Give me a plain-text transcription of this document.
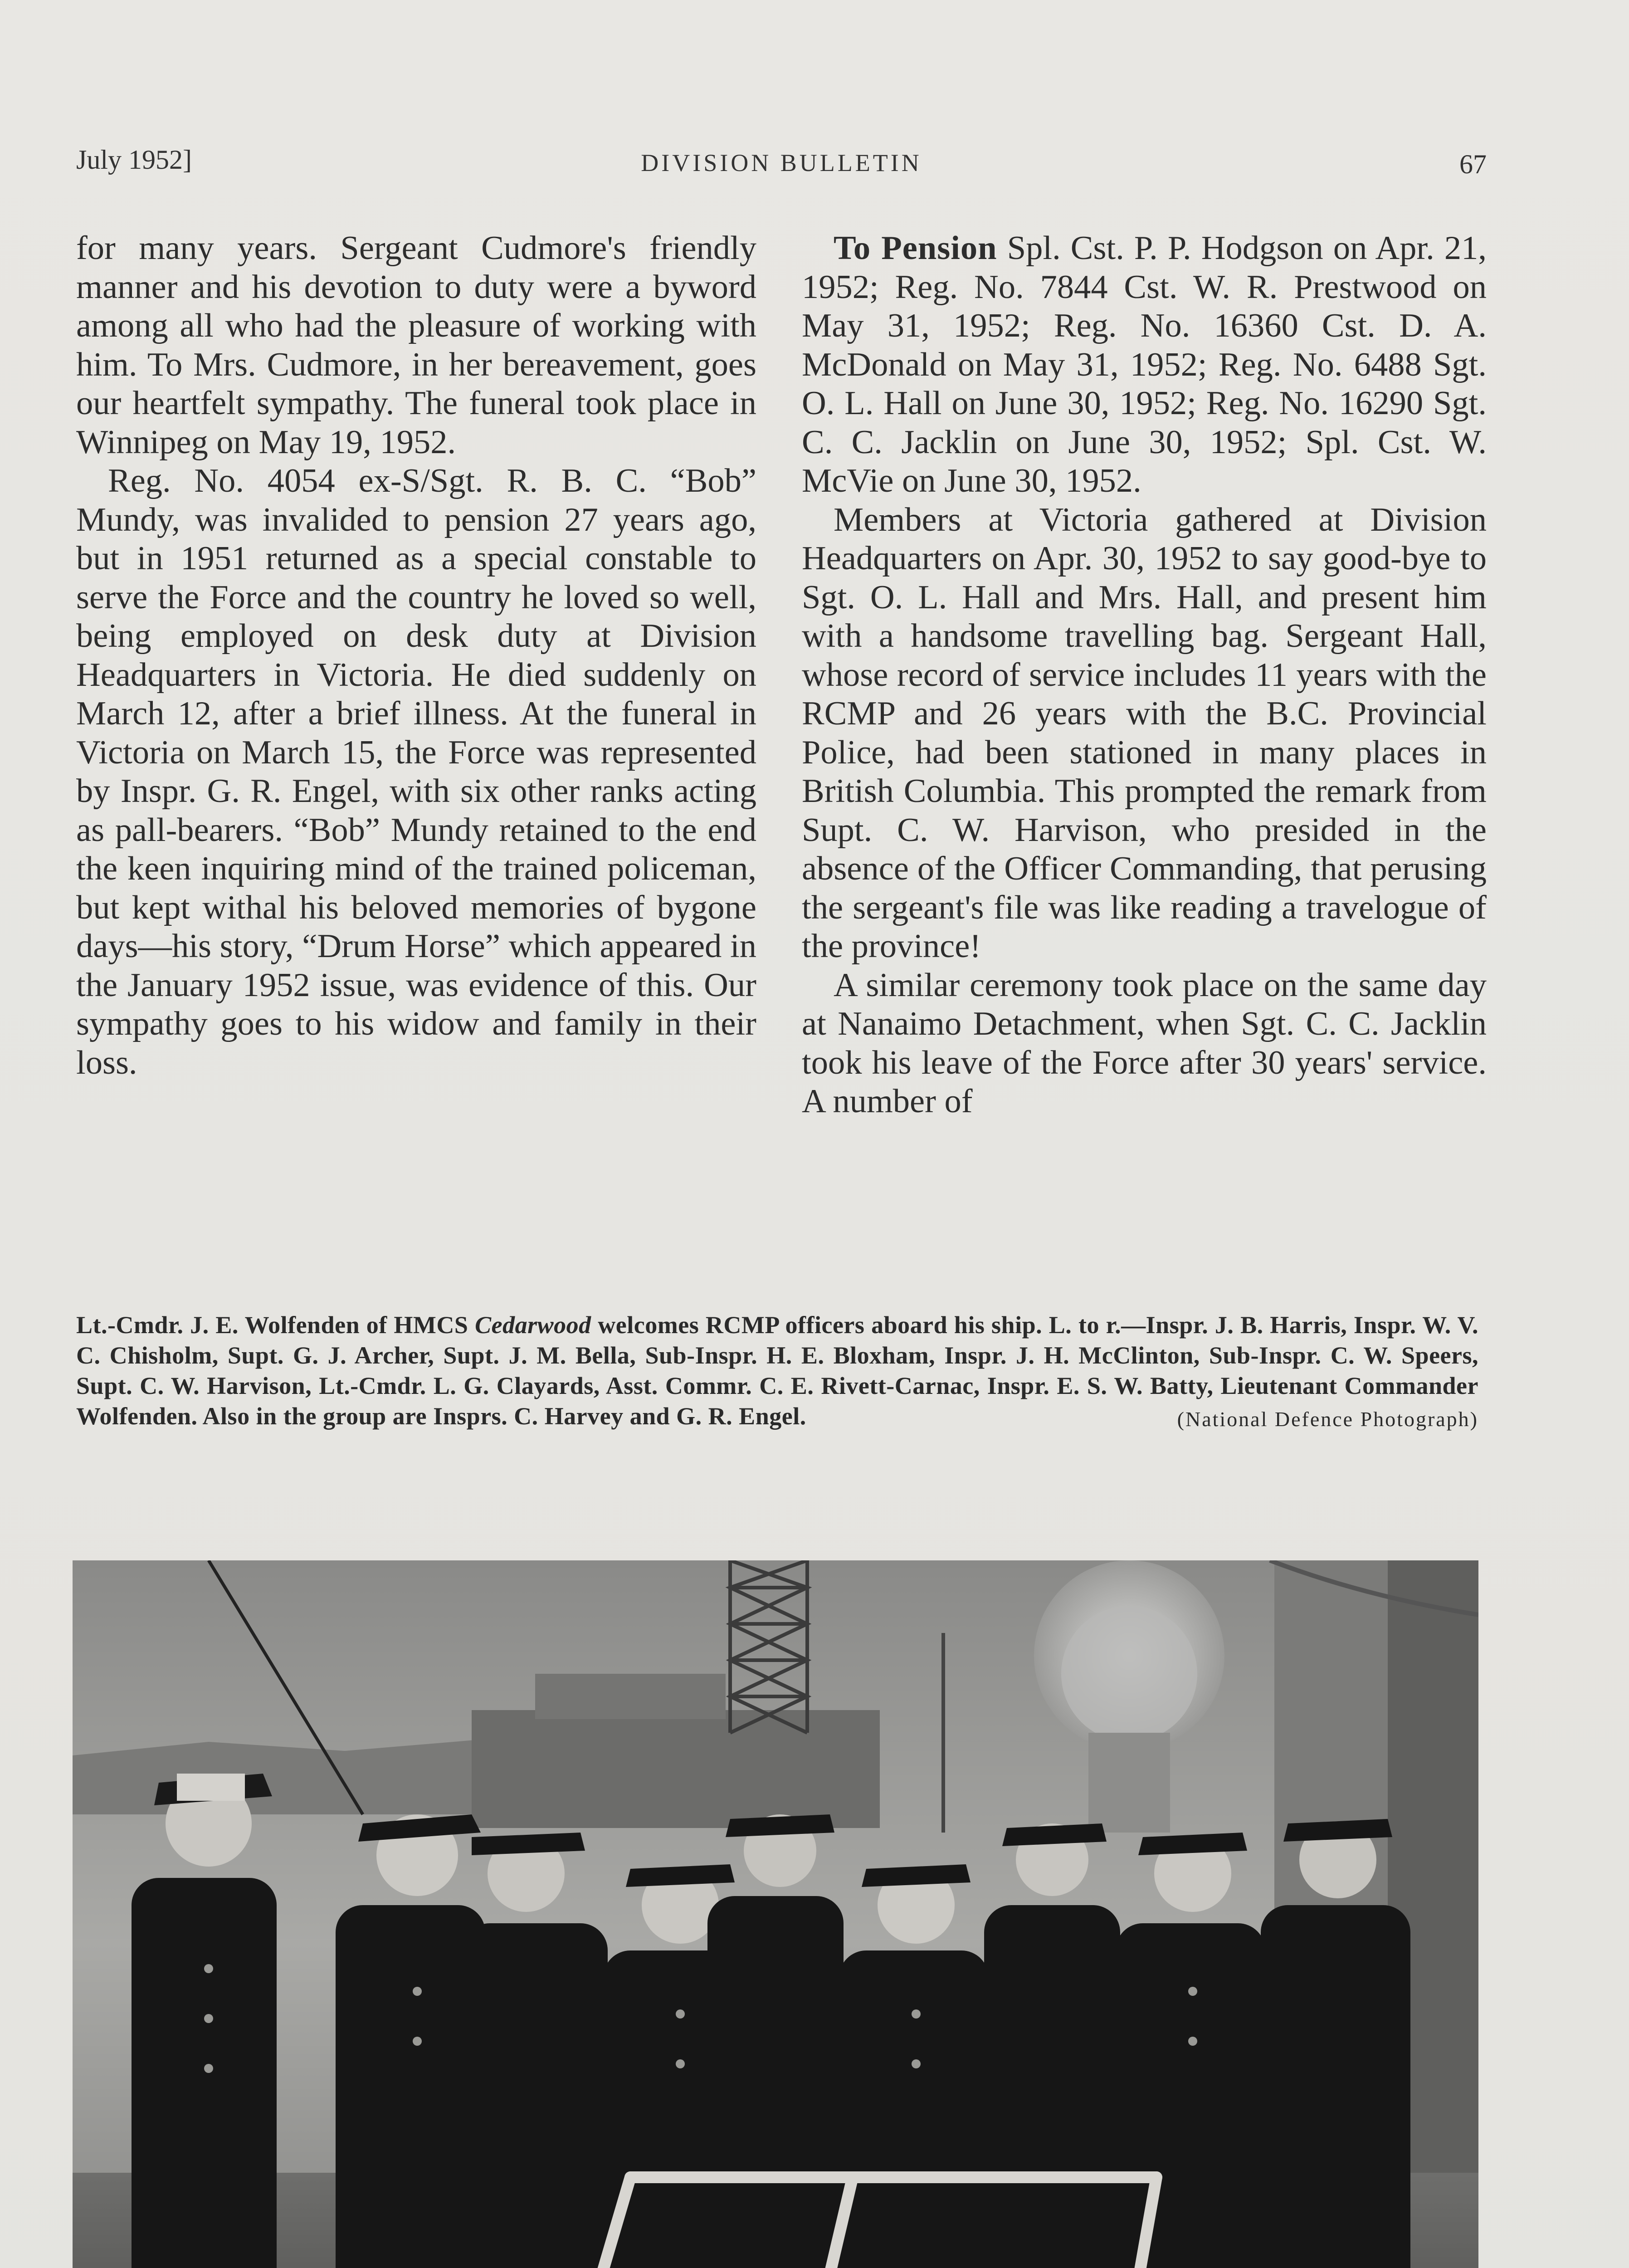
July 1952]	DIVISION BULLETIN	67

for many years. Sergeant Cudmore's friendly manner and his devotion to duty were a byword among all who had the pleasure of working with him. To Mrs. Cudmore, in her bereavement, goes our heartfelt sympathy. The funeral took place in Winnipeg on May 19, 1952.

Reg. No. 4054 ex-S/Sgt. R. B. C. “Bob” Mundy, was invalided to pension 27 years ago, but in 1951 returned as a special constable to serve the Force and the country he loved so well, being employed on desk duty at Division Headquarters in Victoria. He died suddenly on March 12, after a brief illness. At the funeral in Victoria on March 15, the Force was represented by Inspr. G. R. Engel, with six other ranks acting as pall-bearers. “Bob” Mundy retained to the end the keen inquiring mind of the trained policeman, but kept withal his beloved memories of bygone days—his story, “Drum Horse” which appeared in the January 1952 issue, was evidence of this. Our sympathy goes to his widow and family in their loss.

To Pension Spl. Cst. P. P. Hodgson on Apr. 21, 1952; Reg. No. 7844 Cst. W. R. Prestwood on May 31, 1952; Reg. No. 16360 Cst. D. A. McDonald on May 31, 1952; Reg. No. 6488 Sgt. O. L. Hall on June 30, 1952; Reg. No. 16290 Sgt. C. C. Jacklin on June 30, 1952; Spl. Cst. W. McVie on June 30, 1952.

Members at Victoria gathered at Division Headquarters on Apr. 30, 1952 to say good-bye to Sgt. O. L. Hall and Mrs. Hall, and present him with a handsome travelling bag. Sergeant Hall, whose record of service includes 11 years with the RCMP and 26 years with the B.C. Provincial Police, had been stationed in many places in British Columbia. This prompted the remark from Supt. C. W. Harvison, who presided in the absence of the Officer Commanding, that perusing the sergeant's file was like reading a travelogue of the province!

A similar ceremony took place on the same day at Nanaimo Detachment, when Sgt. C. C. Jacklin took his leave of the Force after 30 years' service. A number of

Lt.-Cmdr. J. E. Wolfenden of HMCS Cedarwood welcomes RCMP officers aboard his ship. L. to r.—Inspr. J. B. Harris, Inspr. W. V. C. Chisholm, Supt. G. J. Archer, Supt. J. M. Bella, Sub-Inspr. H. E. Bloxham, Inspr. J. H. McClinton, Sub-Inspr. C. W. Speers, Supt. C. W. Harvison, Lt.-Cmdr. L. G. Clayards, Asst. Commr. C. E. Rivett-Carnac, Inspr. E. S. W. Batty, Lieutenant Commander Wolfenden. Also in the group are Insprs. C. Harvey and G. R. Engel.	(National Defence Photograph)
